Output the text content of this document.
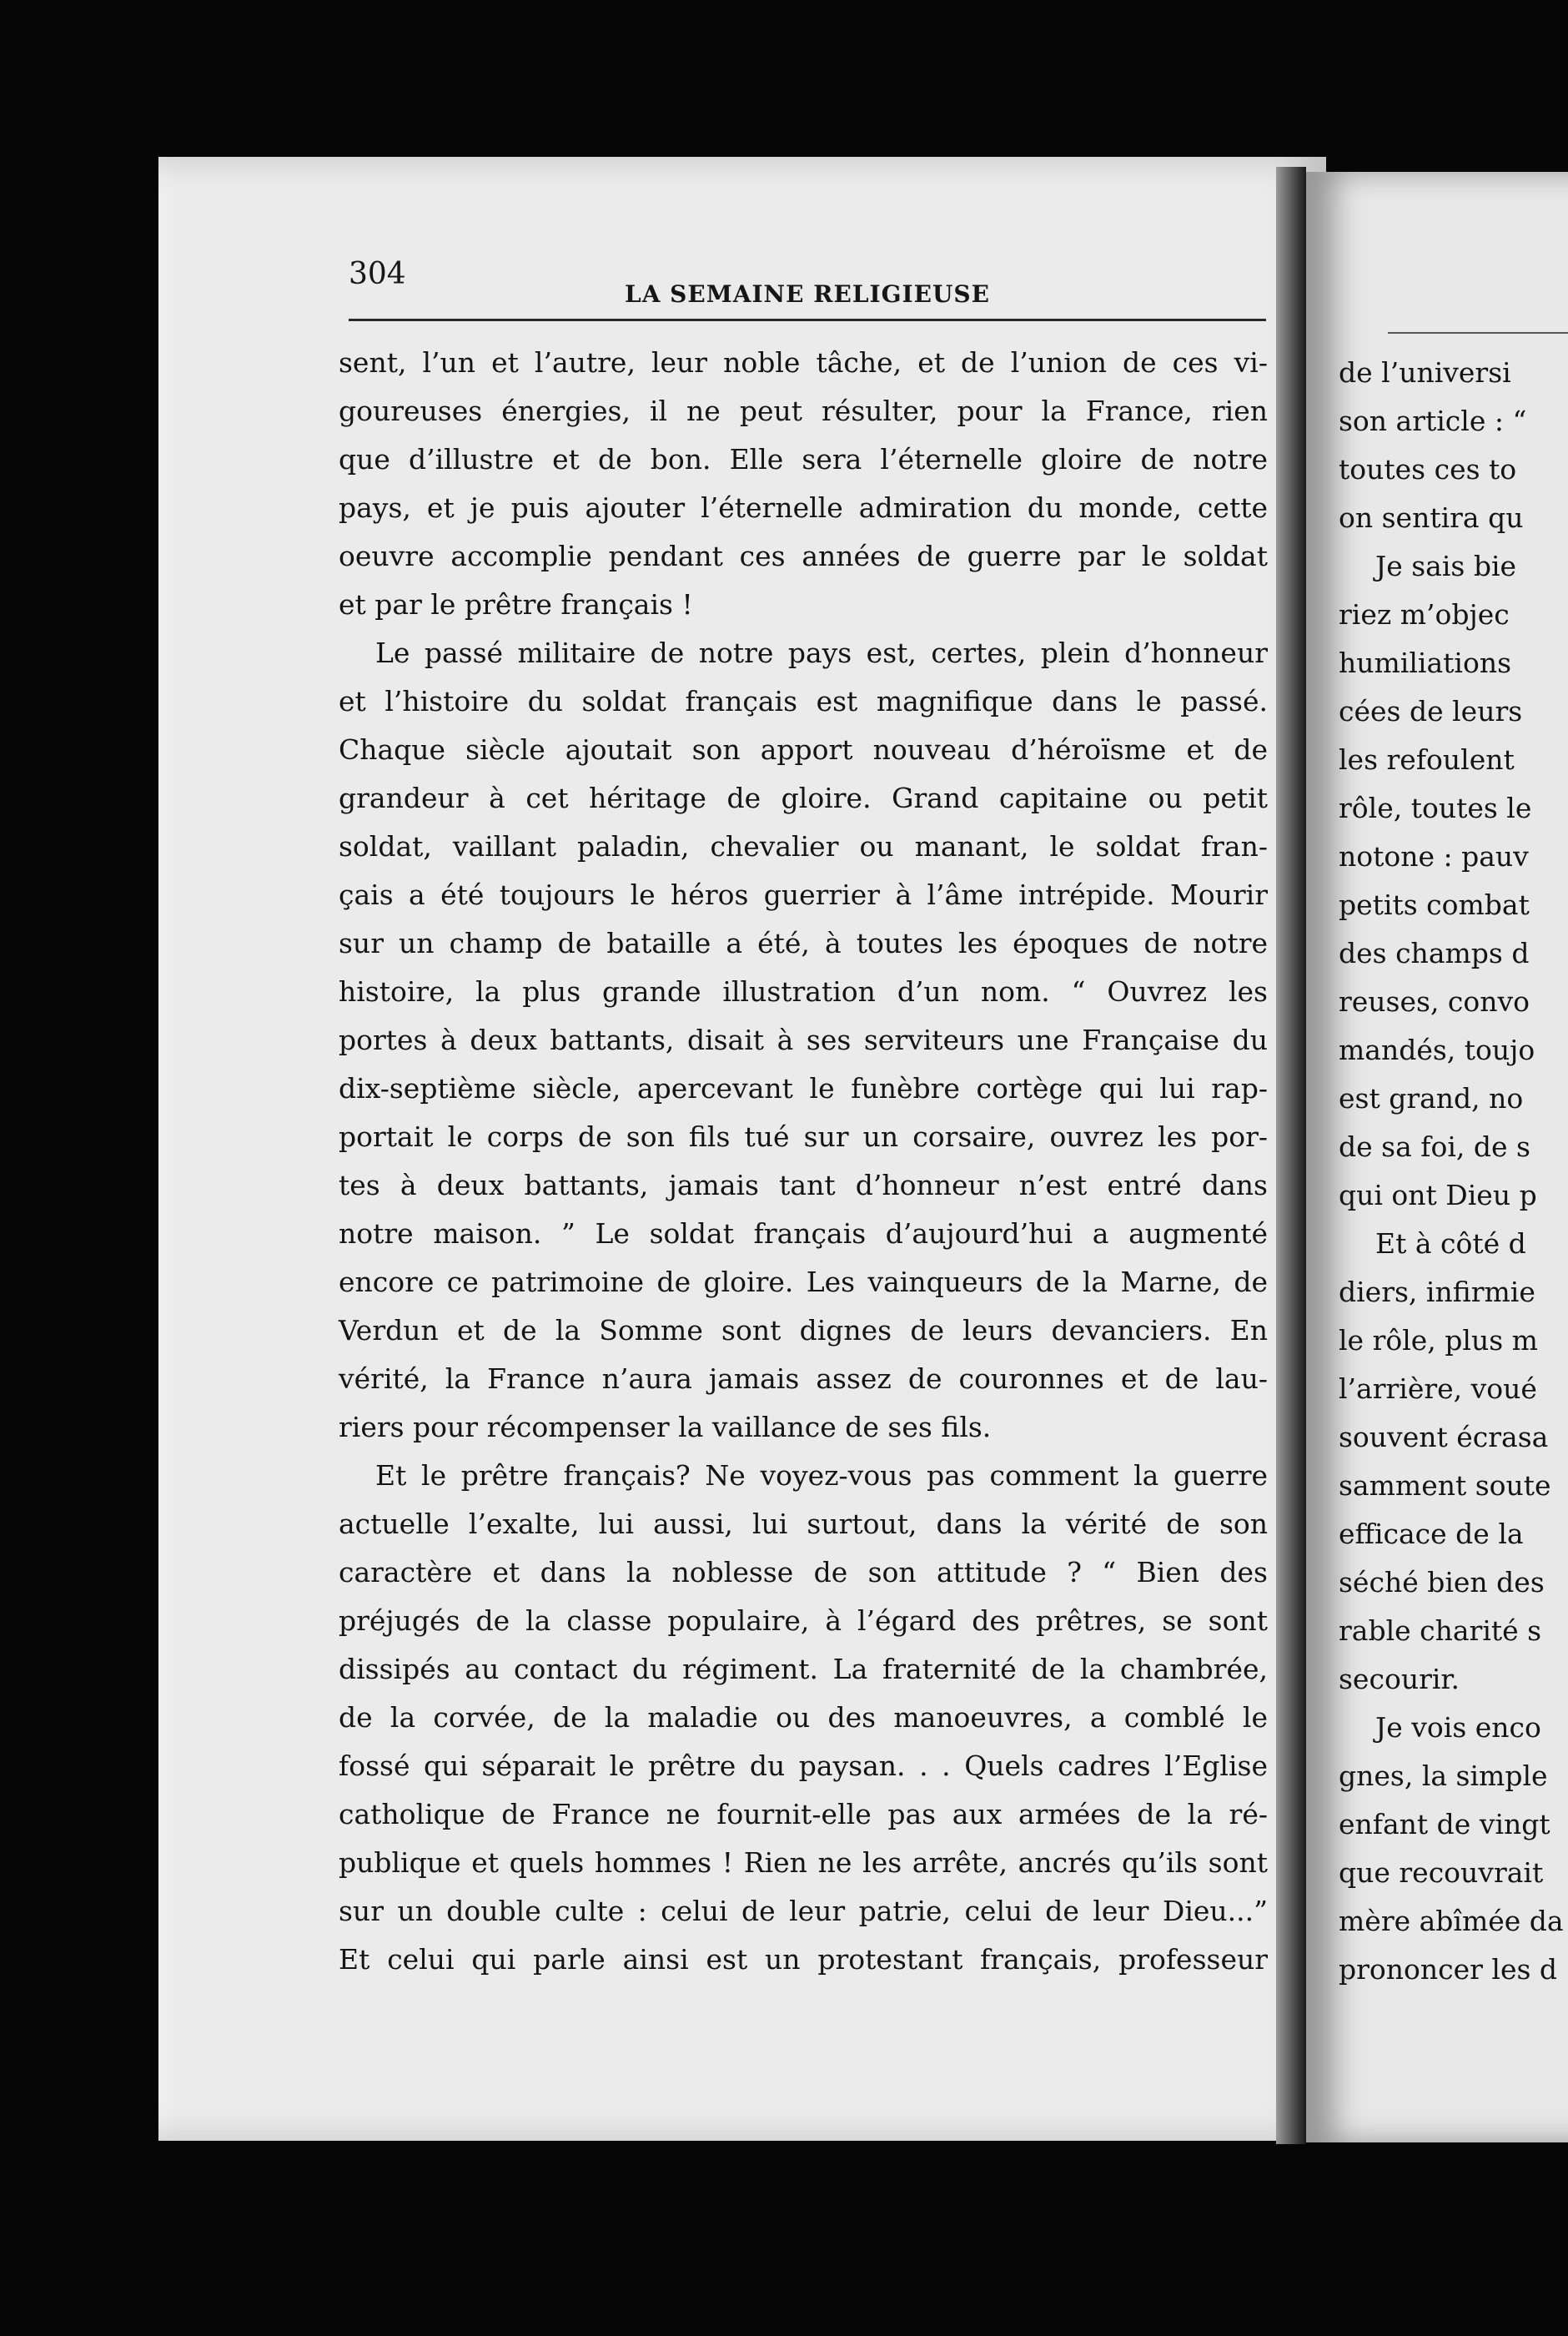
304
LA SEMAINE RELIGIEUSE
sent, l’un et l’autre, leur noble tâche, et de l’union de ces vi-
goureuses énergies, il ne peut résulter, pour la France, rien
que d’illustre et de bon. Elle sera l’éternelle gloire de notre
pays, et je puis ajouter l’éternelle admiration du monde, cette
oeuvre accomplie pendant ces années de guerre par le soldat
et par le prêtre français !
Le passé militaire de notre pays est, certes, plein d’honneur
et l’histoire du soldat français est magnifique dans le passé.
Chaque siècle ajoutait son apport nouveau d’héroïsme et de
grandeur à cet héritage de gloire. Grand capitaine ou petit
soldat, vaillant paladin, chevalier ou manant, le soldat fran-
çais a été toujours le héros guerrier à l’âme intrépide. Mourir
sur un champ de bataille a été, à toutes les époques de notre
histoire, la plus grande illustration d’un nom. “ Ouvrez les
portes à deux battants, disait à ses serviteurs une Française du
dix-septième siècle, apercevant le funèbre cortège qui lui rap-
portait le corps de son fils tué sur un corsaire, ouvrez les por-
tes à deux battants, jamais tant d’honneur n’est entré dans
notre maison. ” Le soldat français d’aujourd’hui a augmenté
encore ce patrimoine de gloire. Les vainqueurs de la Marne, de
Verdun et de la Somme sont dignes de leurs devanciers. En
vérité, la France n’aura jamais assez de couronnes et de lau-
riers pour récompenser la vaillance de ses fils.
Et le prêtre français? Ne voyez-vous pas comment la guerre
actuelle l’exalte, lui aussi, lui surtout, dans la vérité de son
caractère et dans la noblesse de son attitude ? “ Bien des
préjugés de la classe populaire, à l’égard des prêtres, se sont
dissipés au contact du régiment. La fraternité de la chambrée,
de la corvée, de la maladie ou des manoeuvres, a comblé le
fossé qui séparait le prêtre du paysan. . . Quels cadres l’Eglise
catholique de France ne fournit-elle pas aux armées de la ré-
publique et quels hommes ! Rien ne les arrête, ancrés qu’ils sont
sur un double culte : celui de leur patrie, celui de leur Dieu...”
Et celui qui parle ainsi est un protestant français, professeur
de l’universi
son article : “
toutes ces to
on sentira qu
Je sais bie
riez m’objec
humiliations
cées de leurs
les refoulent
rôle, toutes le
notone : pauv
petits combat
des champs d
reuses, convo
mandés, toujo
est grand, no
de sa foi, de s
qui ont Dieu p
Et à côté d
diers, infirmie
le rôle, plus m
l’arrière, voué
souvent écrasa
samment soute
efficace de la
séché bien des
rable charité s
secourir.
Je vois enco
gnes, la simple
enfant de vingt
que recouvrait
mère abîmée da
prononcer les d
